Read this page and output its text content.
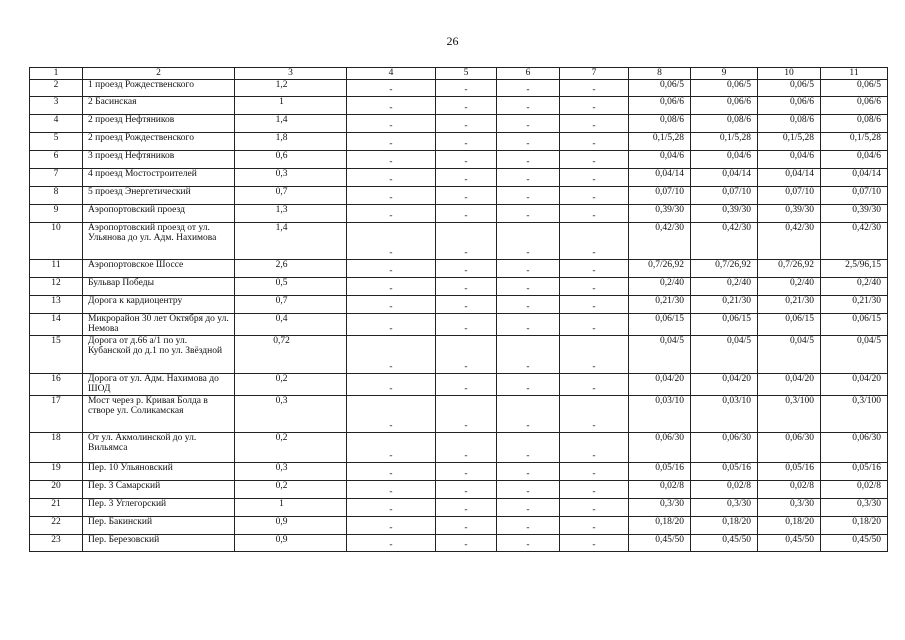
26
1	2	3	4	5	6	7	8	9	10	11
2	1 проезд Рождественского	1,2	-	-	-	-	0,06/5	0,06/5	0,06/5	0,06/5
3	2 Басинская	1	-	-	-	-	0,06/6	0,06/6	0,06/6	0,06/6
4	2 проезд Нефтяников	1,4	-	-	-	-	0,08/6	0,08/6	0,08/6	0,08/6
5	2 проезд Рождественского	1,8	-	-	-	-	0,1/5,28	0,1/5,28	0,1/5,28	0,1/5,28
6	3 проезд Нефтяников	0,6	-	-	-	-	0,04/6	0,04/6	0,04/6	0,04/6
7	4 проезд Мостостроителей	0,3	-	-	-	-	0,04/14	0,04/14	0,04/14	0,04/14
8	5 проезд Энергетический	0,7	-	-	-	-	0,07/10	0,07/10	0,07/10	0,07/10
9	Аэропортовский проезд	1,3	-	-	-	-	0,39/30	0,39/30	0,39/30	0,39/30
10	Аэропортовский проезд от ул. Ульянова до ул. Адм. Нахимова	1,4	-	-	-	-	0,42/30	0,42/30	0,42/30	0,42/30
11	Аэропортовское Шоссе	2,6	-	-	-	-	0,7/26,92	0,7/26,92	0,7/26,92	2,5/96,15
12	Бульвар Победы	0,5	-	-	-	-	0,2/40	0,2/40	0,2/40	0,2/40
13	Дорога к кардиоцентру	0,7	-	-	-	-	0,21/30	0,21/30	0,21/30	0,21/30
14	Микрорайон 30 лет Октября до ул. Немова	0,4	-	-	-	-	0,06/15	0,06/15	0,06/15	0,06/15
15	Дорога от д.66 а/1 по ул. Кубанской до д.1 по ул. Звёздной	0,72	-	-	-	-	0,04/5	0,04/5	0,04/5	0,04/5
16	Дорога от ул. Адм. Нахимова до ШОД	0,2	-	-	-	-	0,04/20	0,04/20	0,04/20	0,04/20
17	Мост через р. Кривая Болда в створе ул. Соликамская	0,3	-	-	-	-	0,03/10	0,03/10	0,3/100	0,3/100
18	От ул. Акмолинской до ул. Вильямса	0,2	-	-	-	-	0,06/30	0,06/30	0,06/30	0,06/30
19	Пер. 10 Ульяновский	0,3	-	-	-	-	0,05/16	0,05/16	0,05/16	0,05/16
20	Пер. 3 Самарский	0,2	-	-	-	-	0,02/8	0,02/8	0,02/8	0,02/8
21	Пер. 3 Углегорский	1	-	-	-	-	0,3/30	0,3/30	0,3/30	0,3/30
22	Пер. Бакинский	0,9	-	-	-	-	0,18/20	0,18/20	0,18/20	0,18/20
23	Пер. Березовский	0,9	-	-	-	-	0,45/50	0,45/50	0,45/50	0,45/50
